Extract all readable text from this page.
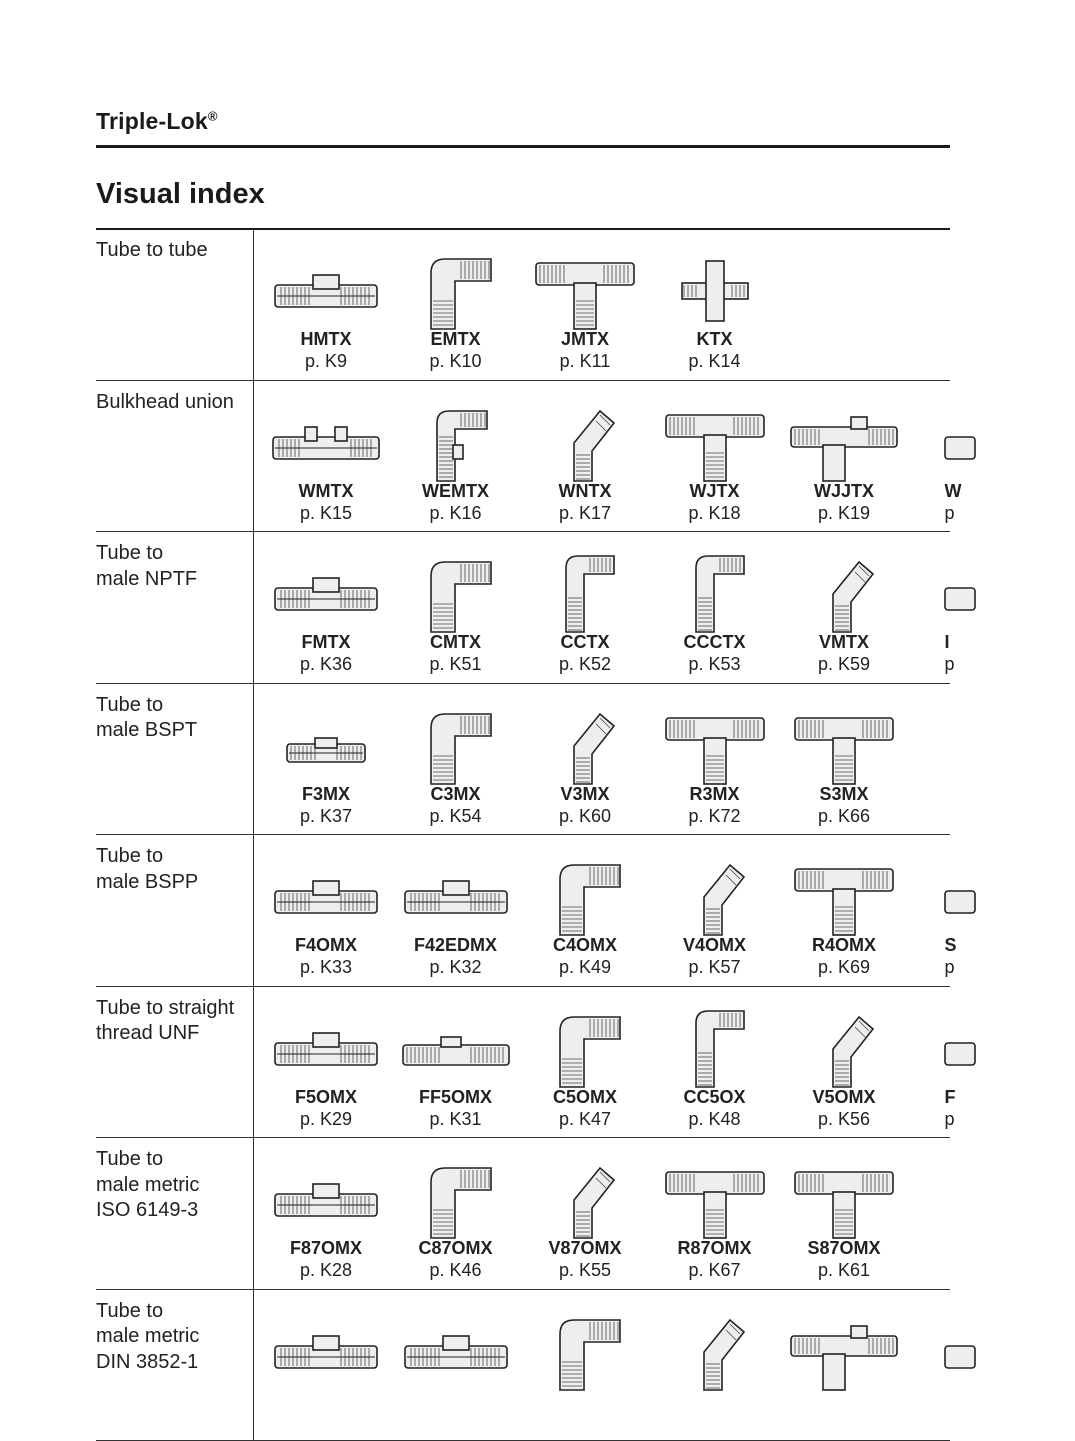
Triple-Lok®
Visual index
Tube to tube
HMTX
p. K9
EMTX
p. K10
JMTX
p. K11
KTX
p. K14
Bulkhead union
WMTX
p. K15
WEMTX
p. K16
WNTX
p. K17
WJTX
p. K18
WJJTX
p. K19
W
p
Tube to
male NPTF
FMTX
p. K36
CMTX
p. K51
CCTX
p. K52
CCCTX
p. K53
VMTX
p. K59
I
p
Tube to
male BSPT
F3MX
p. K37
C3MX
p. K54
V3MX
p. K60
R3MX
p. K72
S3MX
p. K66
Tube to
male BSPP
F4OMX
p. K33
F42EDMX
p. K32
C4OMX
p. K49
V4OMX
p. K57
R4OMX
p. K69
S
p
Tube to straight
thread UNF
F5OMX
p. K29
FF5OMX
p. K31
C5OMX
p. K47
CC5OX
p. K48
V5OMX
p. K56
F
p
Tube to
male metric
ISO 6149-3
F87OMX
p. K28
C87OMX
p. K46
V87OMX
p. K55
R87OMX
p. K67
S87OMX
p. K61
Tube to
male metric
DIN 3852-1
